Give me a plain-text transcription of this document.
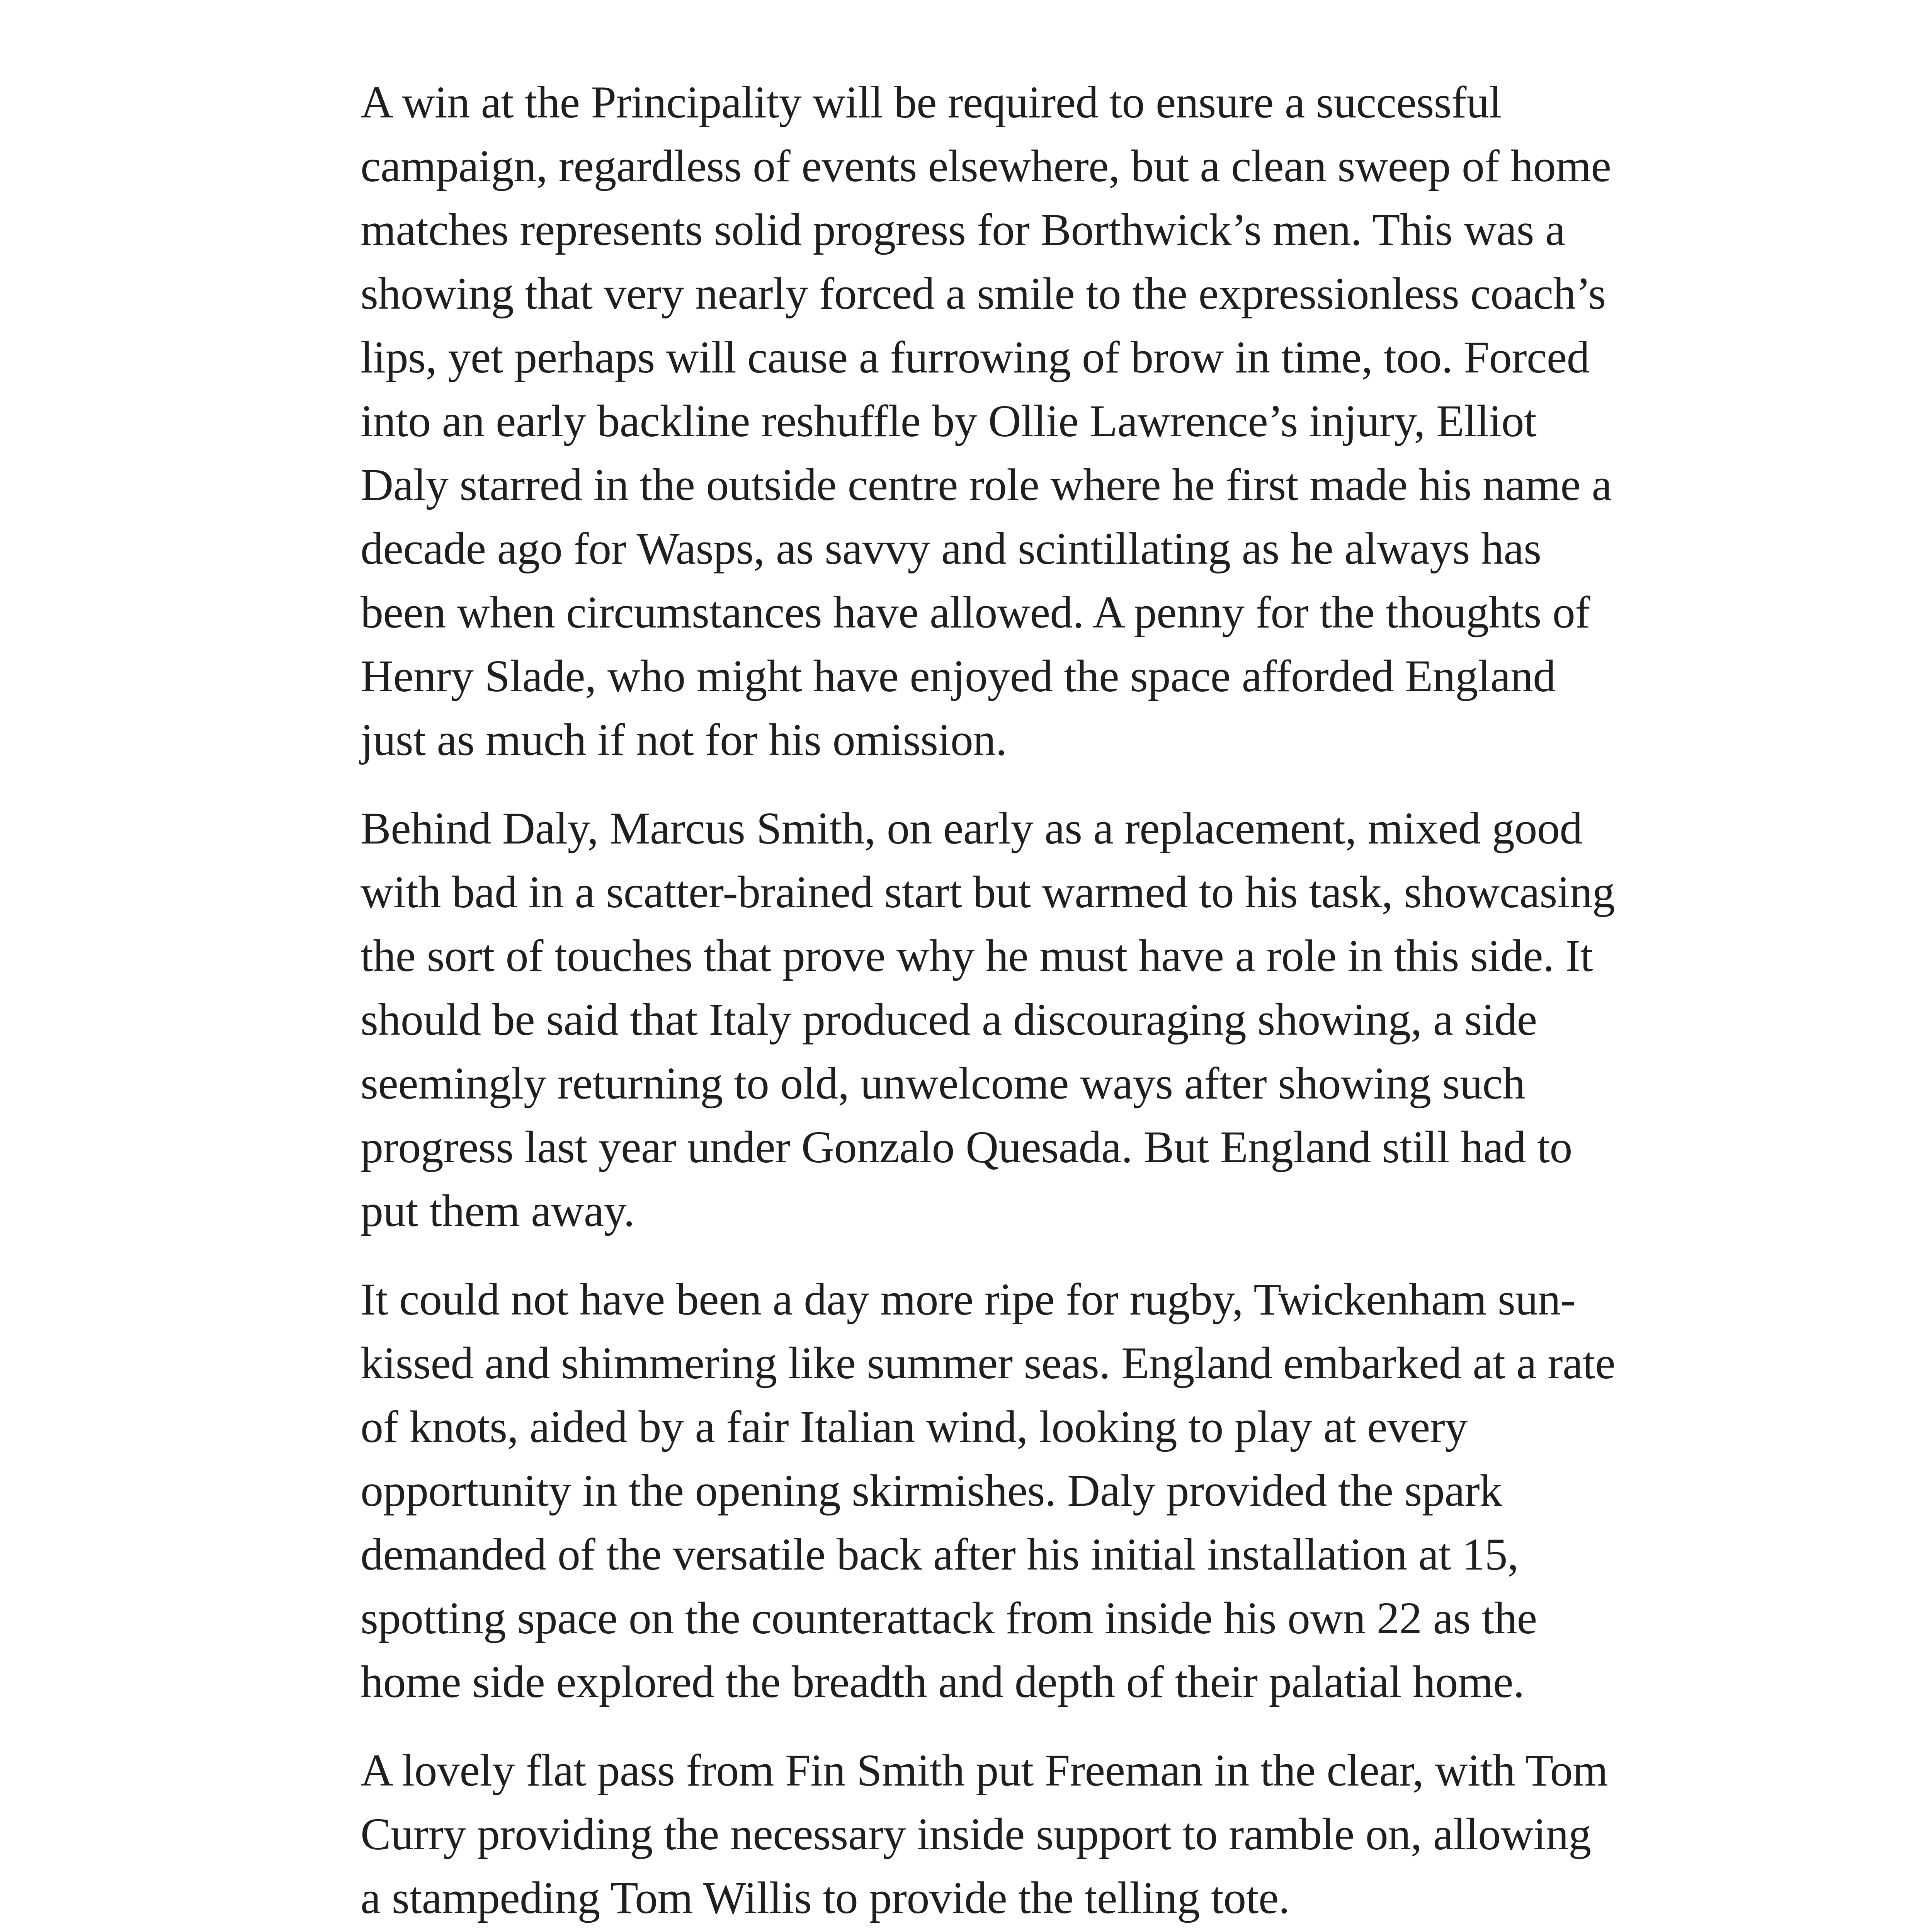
A win at the Principality will be required to ensure a successful campaign, regardless of events elsewhere, but a clean sweep of home matches represents solid progress for Borthwick’s men. This was a showing that very nearly forced a smile to the expressionless coach’s lips, yet perhaps will cause a furrowing of brow in time, too. Forced into an early backline reshuffle by Ollie Lawrence’s injury, Elliot Daly starred in the outside centre role where he first made his name a decade ago for Wasps, as savvy and scintillating as he always has been when circumstances have allowed. A penny for the thoughts of Henry Slade, who might have enjoyed the space afforded England just as much if not for his omission.

Behind Daly, Marcus Smith, on early as a replacement, mixed good with bad in a scatter-brained start but warmed to his task, showcasing the sort of touches that prove why he must have a role in this side. It should be said that Italy produced a discouraging showing, a side seemingly returning to old, unwelcome ways after showing such progress last year under Gonzalo Quesada. But England still had to put them away.

It could not have been a day more ripe for rugby, Twickenham sun-kissed and shimmering like summer seas. England embarked at a rate of knots, aided by a fair Italian wind, looking to play at every opportunity in the opening skirmishes. Daly provided the spark demanded of the versatile back after his initial installation at 15, spotting space on the counterattack from inside his own 22 as the home side explored the breadth and depth of their palatial home.

A lovely flat pass from Fin Smith put Freeman in the clear, with Tom Curry providing the necessary inside support to ramble on, allowing a stampeding Tom Willis to provide the telling tote.
